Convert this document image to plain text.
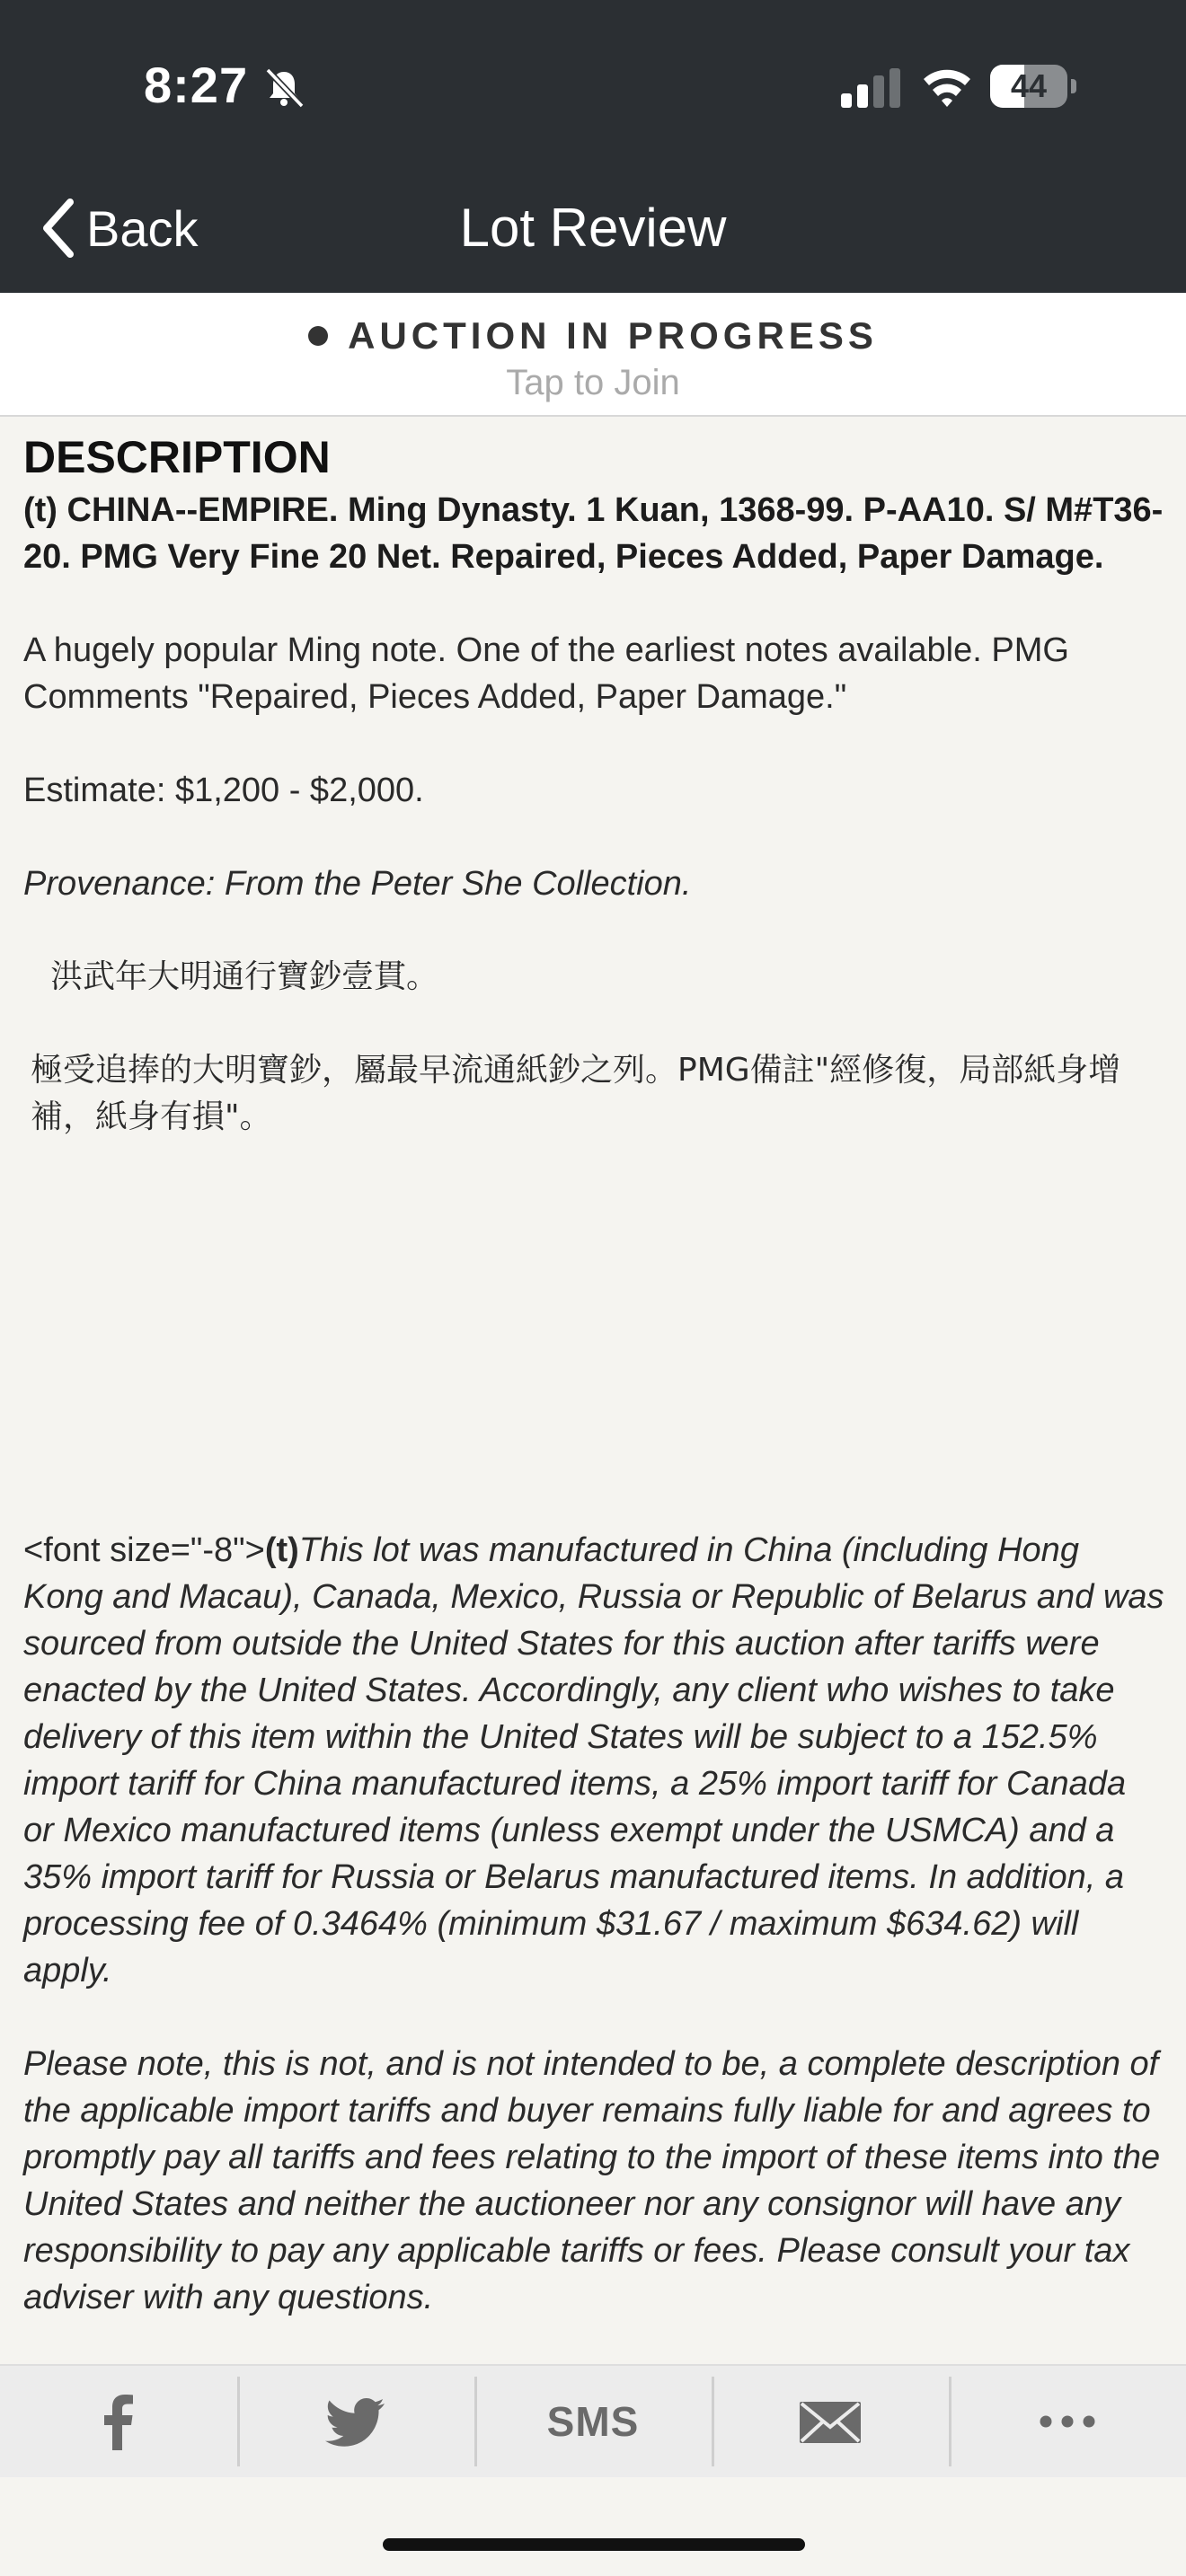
8:27	44
Back	Lot Review
AUCTION IN PROGRESS
Tap to Join
DESCRIPTION
(t) CHINA--EMPIRE. Ming Dynasty. 1 Kuan, 1368-99. P-AA10. S/ M#T36-20. PMG Very Fine 20 Net. Repaired, Pieces Added, Paper Damage.
A hugely popular Ming note. One of the earliest notes available. PMG Comments "Repaired, Pieces Added, Paper Damage."
Estimate: $1,200 - $2,000.
Provenance: From the Peter She Collection.
洪武年大明通行寶鈔壹貫。
極受追捧的大明寶鈔，屬最早流通紙鈔之列。PMG備註"經修復，局部紙身增補，紙身有損"。
<font size="-8">(t)This lot was manufactured in China (including Hong Kong and Macau), Canada, Mexico, Russia or Republic of Belarus and was sourced from outside the United States for this auction after tariffs were enacted by the United States. Accordingly, any client who wishes to take delivery of this item within the United States will be subject to a 152.5% import tariff for China manufactured items, a 25% import tariff for Canada or Mexico manufactured items (unless exempt under the USMCA) and a 35% import tariff for Russia or Belarus manufactured items. In addition, a processing fee of 0.3464% (minimum $31.67 / maximum $634.62) will apply.
Please note, this is not, and is not intended to be, a complete description of the applicable import tariffs and buyer remains fully liable for and agrees to promptly pay all tariffs and fees relating to the import of these items into the United States and neither the auctioneer nor any consignor will have any responsibility to pay any applicable tariffs or fees. Please consult your tax adviser with any questions.
SMS
